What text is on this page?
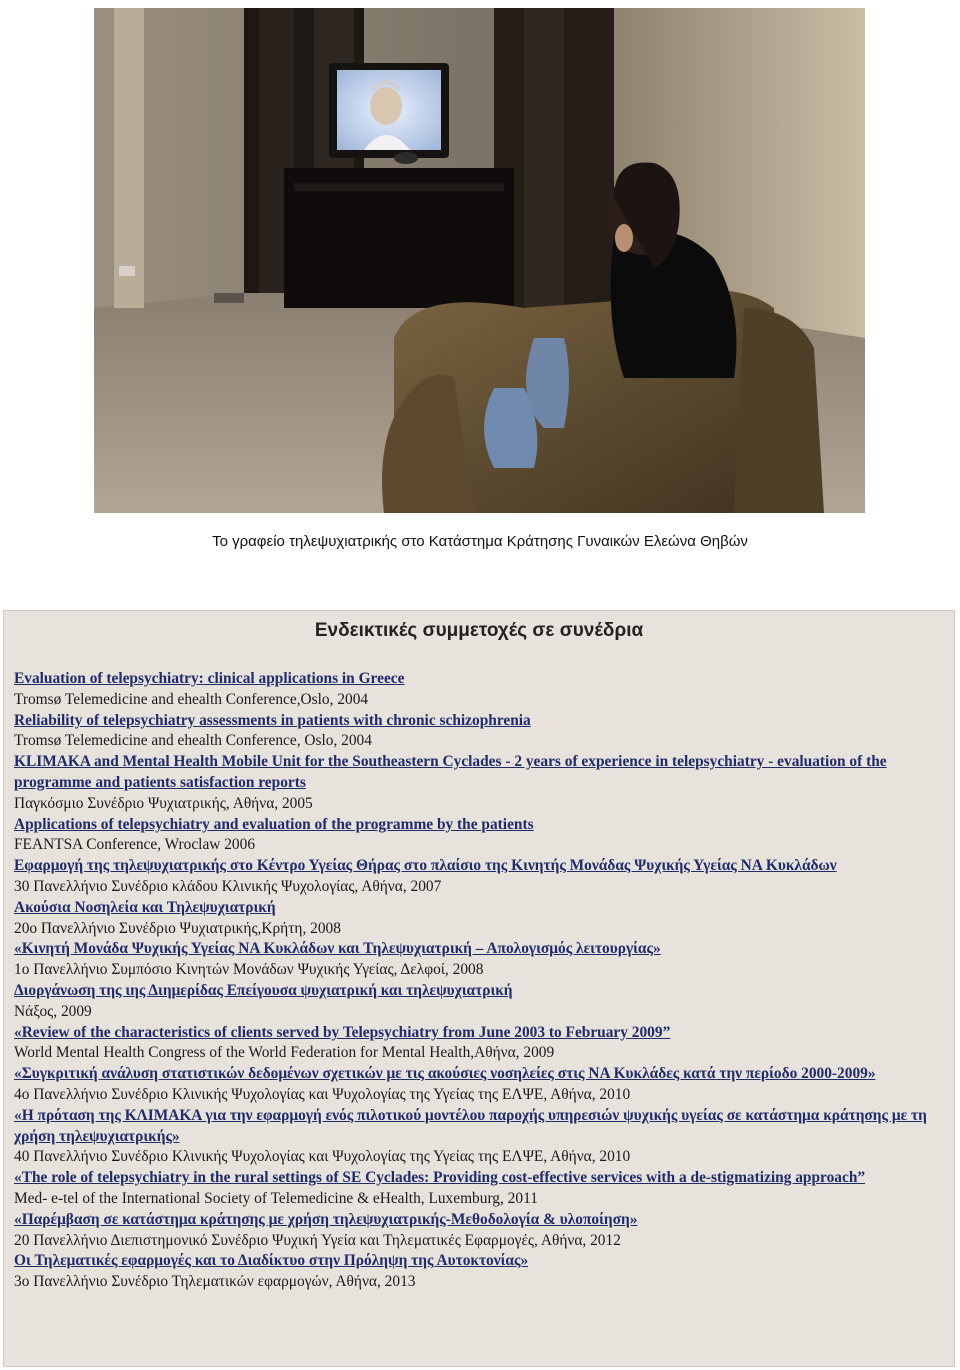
Το γραφείο τηλεψυχιατρικής στο Κατάστημα Κράτησης Γυναικών Ελεώνα Θηβών
Ενδεικτικές συμμετοχές σε συνέδρια
Evaluation of telepsychiatry: clinical applications in Greece
Tromsø Telemedicine and ehealth Conference,Oslo, 2004
Reliability of telepsychiatry assessments in patients with chronic schizophrenia
Tromsø Telemedicine and ehealth Conference, Oslo, 2004
KLIMAKA and Mental Health Mobile Unit for the Southeastern Cyclades - 2 years of experience in telepsychiatry - evaluation of the programme and patients satisfaction reports
Παγκόσμιο Συνέδριο Ψυχιατρικής, Αθήνα, 2005
Applications of telepsychiatry and evaluation of the programme by the patients
FEANTSA Conference, Wroclaw 2006
Εφαρμογή της τηλεψυχιατρικής στο Κέντρο Υγείας Θήρας στο πλαίσιο της Κινητής Μονάδας Ψυχικής Υγείας ΝΑ Κυκλάδων
30 Πανελλήνιο Συνέδριο κλάδου Κλινικής Ψυχολογίας, Αθήνα, 2007
Ακούσια Νοσηλεία και Τηλεψυχιατρική
20ο Πανελλήνιο Συνέδριο Ψυχιατρικής,Κρήτη, 2008
«Κινητή Μονάδα Ψυχικής Υγείας ΝΑ Κυκλάδων και Τηλεψυχιατρική – Απολογισμός λειτουργίας»
1ο Πανελλήνιο Συμπόσιο Κινητών Μονάδων Ψυχικής Υγείας, Δελφοί, 2008
Διοργάνωση της ιης Διημερίδας Επείγουσα ψυχιατρική και τηλεψυχιατρική
Νάξος, 2009
«Review of the characteristics of clients served by Telepsychiatry from June 2003 to February 2009”
World Mental Health Congress of the World Federation for Mental Health,Αθήνα, 2009
«Συγκριτική ανάλυση στατιστικών δεδομένων σχετικών με τις ακούσιες νοσηλείες στις ΝΑ Κυκλάδες κατά την περίοδο 2000-2009»
4ο Πανελλήνιο Συνέδριο Κλινικής Ψυχολογίας και Ψυχολογίας της Υγείας της ΕΛΨΕ, Αθήνα, 2010
«Η πρόταση της ΚΛΙΜΑΚΑ για την εφαρμογή ενός πιλοτικού μοντέλου παροχής υπηρεσιών ψυχικής υγείας σε κατάστημα κράτησης με τη χρήση τηλεψυχιατρικής»
40 Πανελλήνιο Συνέδριο Κλινικής Ψυχολογίας και Ψυχολογίας της Υγείας της ΕΛΨΕ, Αθήνα, 2010
«The role of telepsychiatry in the rural settings of SE Cyclades: Providing cost-effective services with a de-stigmatizing approach”
Med- e-tel of the International Society of Telemedicine & eHealth, Luxemburg, 2011
«Παρέμβαση σε κατάστημα κράτησης με χρήση τηλεψυχιατρικής-Μεθοδολογία & υλοποίηση»
20 Πανελλήνιο Διεπιστημονικό Συνέδριο Ψυχική Υγεία και Τηλεματικές Εφαρμογές, Αθήνα, 2012
Οι Τηλεματικές εφαρμογές και το Διαδίκτυο στην Πρόληψη της Αυτοκτονίας»
3ο Πανελλήνιο Συνέδριο Τηλεματικών εφαρμογών, Αθήνα, 2013
